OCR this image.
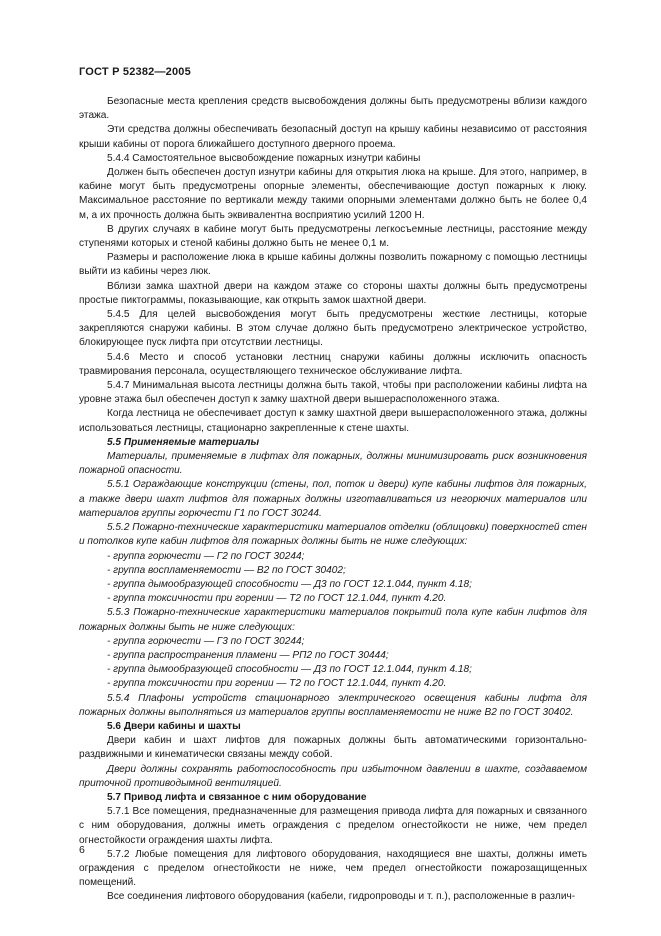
ГОСТ Р 52382—2005

Безопасные места крепления средств высвобождения должны быть предусмотрены вблизи каждого этажа.

Эти средства должны обеспечивать безопасный доступ на крышу кабины независимо от расстояния крыши кабины от порога ближайшего доступного дверного проема.

5.4.4 Самостоятельное высвобождение пожарных изнутри кабины

Должен быть обеспечен доступ изнутри кабины для открытия люка на крыше. Для этого, например, в кабине могут быть предусмотрены опорные элементы, обеспечивающие доступ пожарных к люку. Максимальное расстояние по вертикали между такими опорными элементами должно быть не более 0,4 м, а их прочность должна быть эквивалентна восприятию усилий 1200 Н.

В других случаях в кабине могут быть предусмотрены легкосъемные лестницы, расстояние между ступенями которых и стеной кабины должно быть не менее 0,1 м.

Размеры и расположение люка в крыше кабины должны позволить пожарному с помощью лестницы выйти из кабины через люк.

Вблизи замка шахтной двери на каждом этаже со стороны шахты должны быть предусмотрены простые пиктограммы, показывающие, как открыть замок шахтной двери.

5.4.5 Для целей высвобождения могут быть предусмотрены жесткие лестницы, которые закрепляются снаружи кабины. В этом случае должно быть предусмотрено электрическое устройство, блокирующее пуск лифта при отсутствии лестницы.

5.4.6 Место и способ установки лестниц снаружи кабины должны исключить опасность травмирования персонала, осуществляющего техническое обслуживание лифта.

5.4.7 Минимальная высота лестницы должна быть такой, чтобы при расположении кабины лифта на уровне этажа был обеспечен доступ к замку шахтной двери вышерасположенного этажа.

Когда лестница не обеспечивает доступ к замку шахтной двери вышерасположенного этажа, должны использоваться лестницы, стационарно закрепленные к стене шахты.

5.5 Применяемые материалы

Материалы, применяемые в лифтах для пожарных, должны минимизировать риск возникновения пожарной опасности.

5.5.1 Ограждающие конструкции (стены, пол, поток и двери) купе кабины лифтов для пожарных, а также двери шахт лифтов для пожарных должны изготавливаться из негорючих материалов или материалов группы горючести Г1 по ГОСТ 30244.

5.5.2 Пожарно-технические характеристики материалов отделки (облицовки) поверхностей стен и потолков купе кабин лифтов для пожарных должны быть не ниже следующих:

- группа горючести — Г2 по ГОСТ 30244;

- группа воспламеняемости — В2 по ГОСТ 30402;

- группа дымообразующей способности — Д3 по ГОСТ 12.1.044, пункт 4.18;

- группа токсичности при горении — Т2 по ГОСТ 12.1.044, пункт 4.20.

5.5.3 Пожарно-технические характеристики материалов покрытий пола купе кабин лифтов для пожарных должны быть не ниже следующих:

- группа горючести — Г3 по ГОСТ 30244;

- группа распространения пламени — РП2 по ГОСТ 30444;

- группа дымообразующей способности — Д3 по ГОСТ 12.1.044, пункт 4.18;

- группа токсичности при горении — Т2 по ГОСТ 12.1.044, пункт 4.20.

5.5.4 Плафоны устройств стационарного электрического освещения кабины лифта для пожарных должны выполняться из материалов группы воспламеняемости не ниже В2 по ГОСТ 30402.

5.6 Двери кабины и шахты

Двери кабин и шахт лифтов для пожарных должны быть автоматическими горизонтально-раздвижными и кинематически связаны между собой.

Двери должны сохранять работоспособность при избыточном давлении в шахте, создаваемом приточной противодымной вентиляцией.

5.7 Привод лифта и связанное с ним оборудование

5.7.1 Все помещения, предназначенные для размещения привода лифта для пожарных и связанного с ним оборудования, должны иметь ограждения с пределом огнестойкости не ниже, чем предел огнестойкости ограждения шахты лифта.

5.7.2 Любые помещения для лифтового оборудования, находящиеся вне шахты, должны иметь ограждения с пределом огнестойкости не ниже, чем предел огнестойкости пожарозащищенных помещений.

Все соединения лифтового оборудования (кабели, гидропроводы и т. п.), расположенные в различ-

6
